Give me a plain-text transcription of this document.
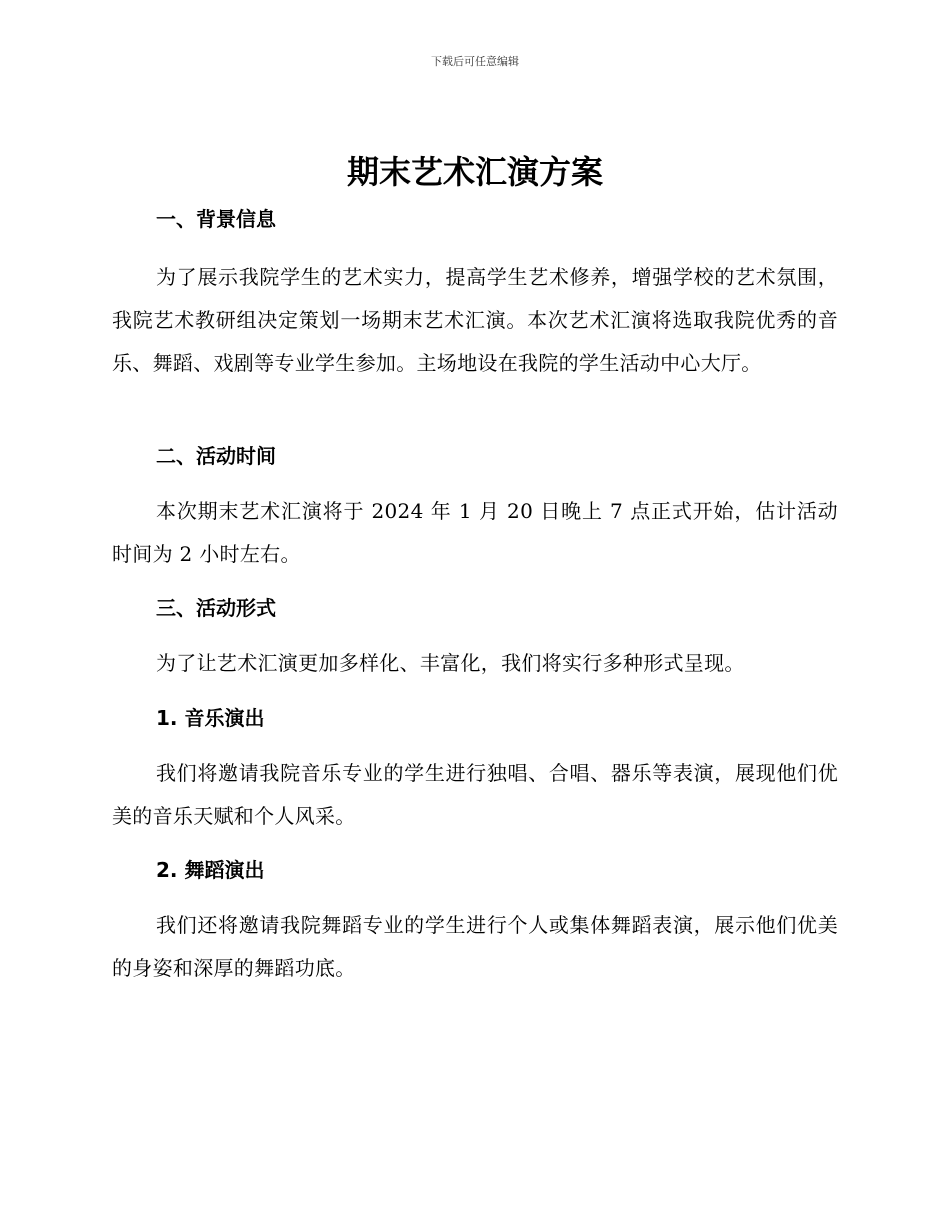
下载后可任意编辑
期末艺术汇演方案

一、背景信息

为了展示我院学生的艺术实力，提高学生艺术修养，增强学校的艺术氛围，我院艺术教研组决定策划一场期末艺术汇演。本次艺术汇演将选取我院优秀的音乐、舞蹈、戏剧等专业学生参加。主场地设在我院的学生活动中心大厅。

二、活动时间

本次期末艺术汇演将于 2024 年 1 月 20 日晚上 7 点正式开始，估计活动时间为 2 小时左右。

三、活动形式

为了让艺术汇演更加多样化、丰富化，我们将实行多种形式呈现。

1. 音乐演出

我们将邀请我院音乐专业的学生进行独唱、合唱、器乐等表演，展现他们优美的音乐天赋和个人风采。

2. 舞蹈演出

我们还将邀请我院舞蹈专业的学生进行个人或集体舞蹈表演，展示他们优美的身姿和深厚的舞蹈功底。
